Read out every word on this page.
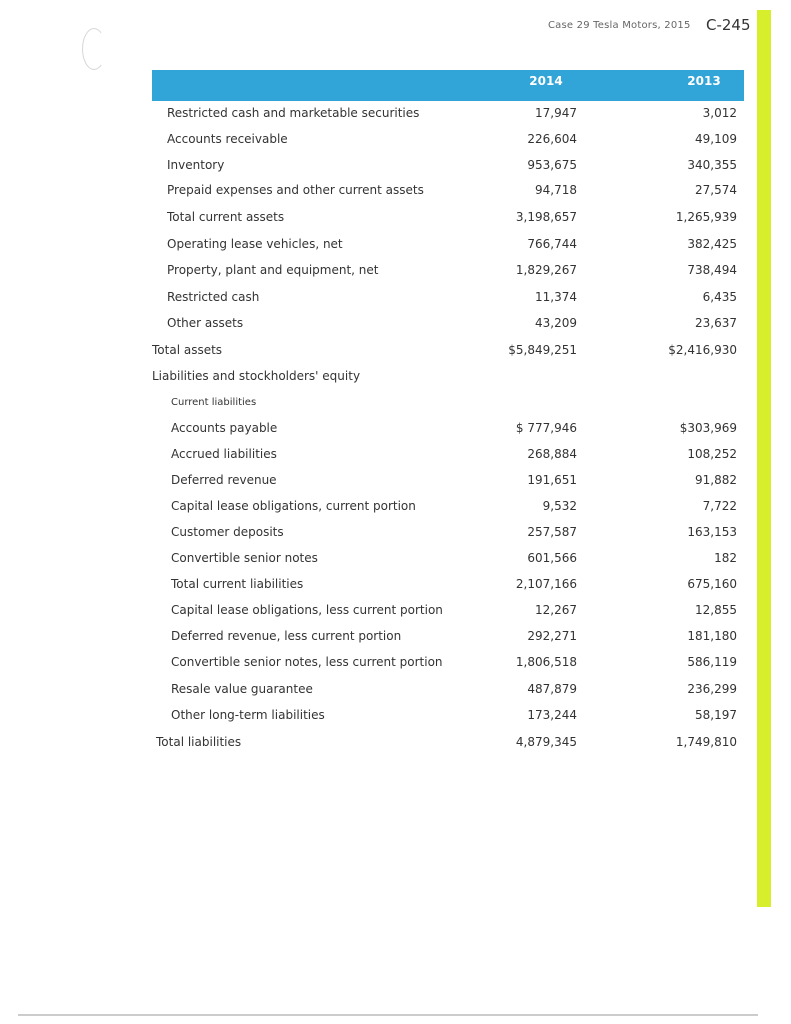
Case 29 Tesla Motors, 2015 C-245
2014	2013
Restricted cash and marketable securities	17,947	3,012
Accounts receivable	226,604	49,109
Inventory	953,675	340,355
Prepaid expenses and other current assets	94,718	27,574
Total current assets	3,198,657	1,265,939
Operating lease vehicles, net	766,744	382,425
Property, plant and equipment, net	1,829,267	738,494
Restricted cash	11,374	6,435
Other assets	43,209	23,637
Total assets	$5,849,251	$2,416,930
Liabilities and stockholders' equity
Current liabilities
Accounts payable	$ 777,946	$303,969
Accrued liabilities	268,884	108,252
Deferred revenue	191,651	91,882
Capital lease obligations, current portion	9,532	7,722
Customer deposits	257,587	163,153
Convertible senior notes	601,566	182
Total current liabilities	2,107,166	675,160
Capital lease obligations, less current portion	12,267	12,855
Deferred revenue, less current portion	292,271	181,180
Convertible senior notes, less current portion	1,806,518	586,119
Resale value guarantee	487,879	236,299
Other long-term liabilities	173,244	58,197
Total liabilities	4,879,345	1,749,810
